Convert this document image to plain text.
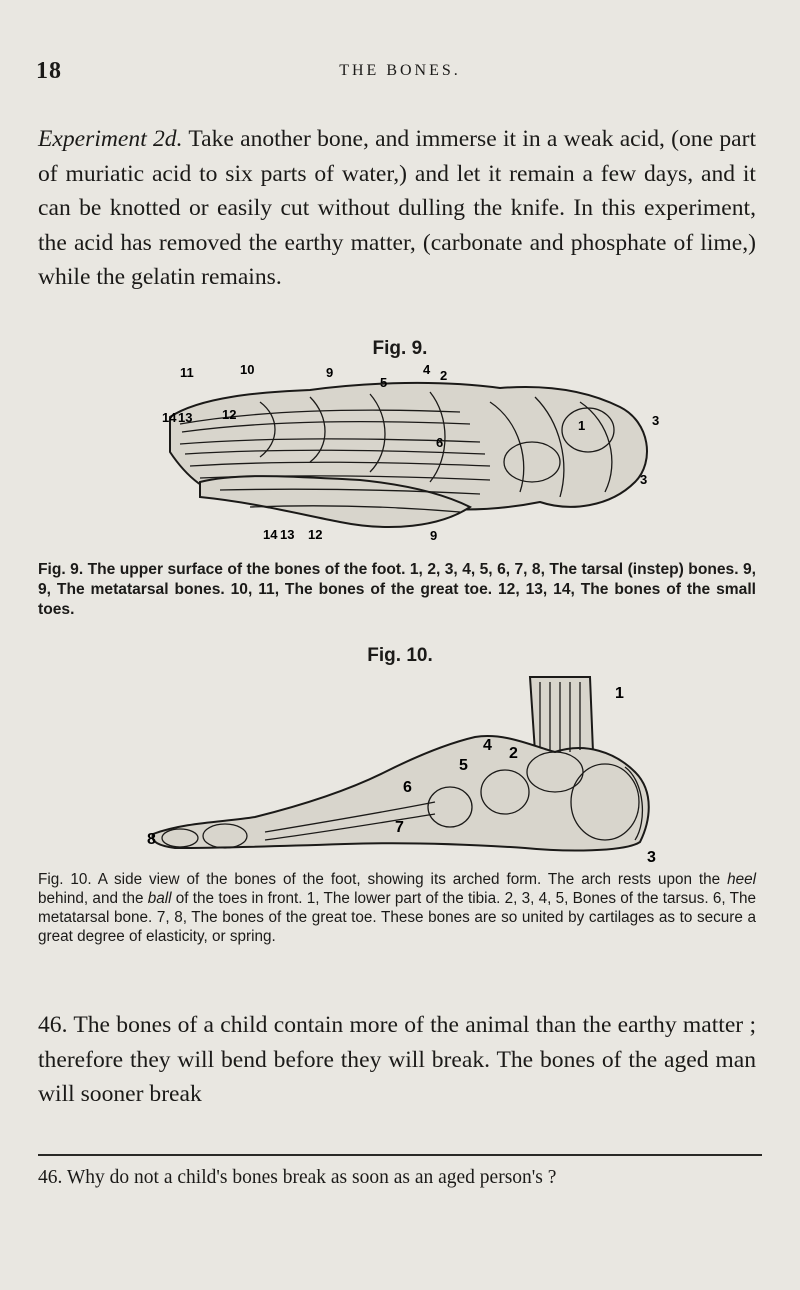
18	THE BONES.

Experiment 2d. Take another bone, and immerse it in a weak acid, (one part of muriatic acid to six parts of water,) and let it remain a few days, and it can be knotted or easily cut without dulling the knife. In this experiment, the acid has removed the earthy matter, (carbonate and phosphate of lime,) while the gelatin remains.

Fig. 9.
11	10	9
5
4 2
14 13 12
6
1	3
3
14 13 12	9

Fig. 9. The upper surface of the bones of the foot. 1, 2, 3, 4, 5, 6, 7, 8, The tarsal (instep) bones. 9, 9, The metatarsal bones. 10, 11, The bones of the great toe. 12, 13, 14, The bones of the small toes.

Fig. 10.
1
2
4
5
6
7
8
3

Fig. 10. A side view of the bones of the foot, showing its arched form. The arch rests upon the heel behind, and the ball of the toes in front. 1, The lower part of the tibia. 2, 3, 4, 5, Bones of the tarsus. 6, The metatarsal bone. 7, 8, The bones of the great toe. These bones are so united by cartilages as to secure a great degree of elasticity, or spring.

46. The bones of a child contain more of the animal than the earthy matter ; therefore they will bend before they will break. The bones of the aged man will sooner break

46. Why do not a child's bones break as soon as an aged person's ?
